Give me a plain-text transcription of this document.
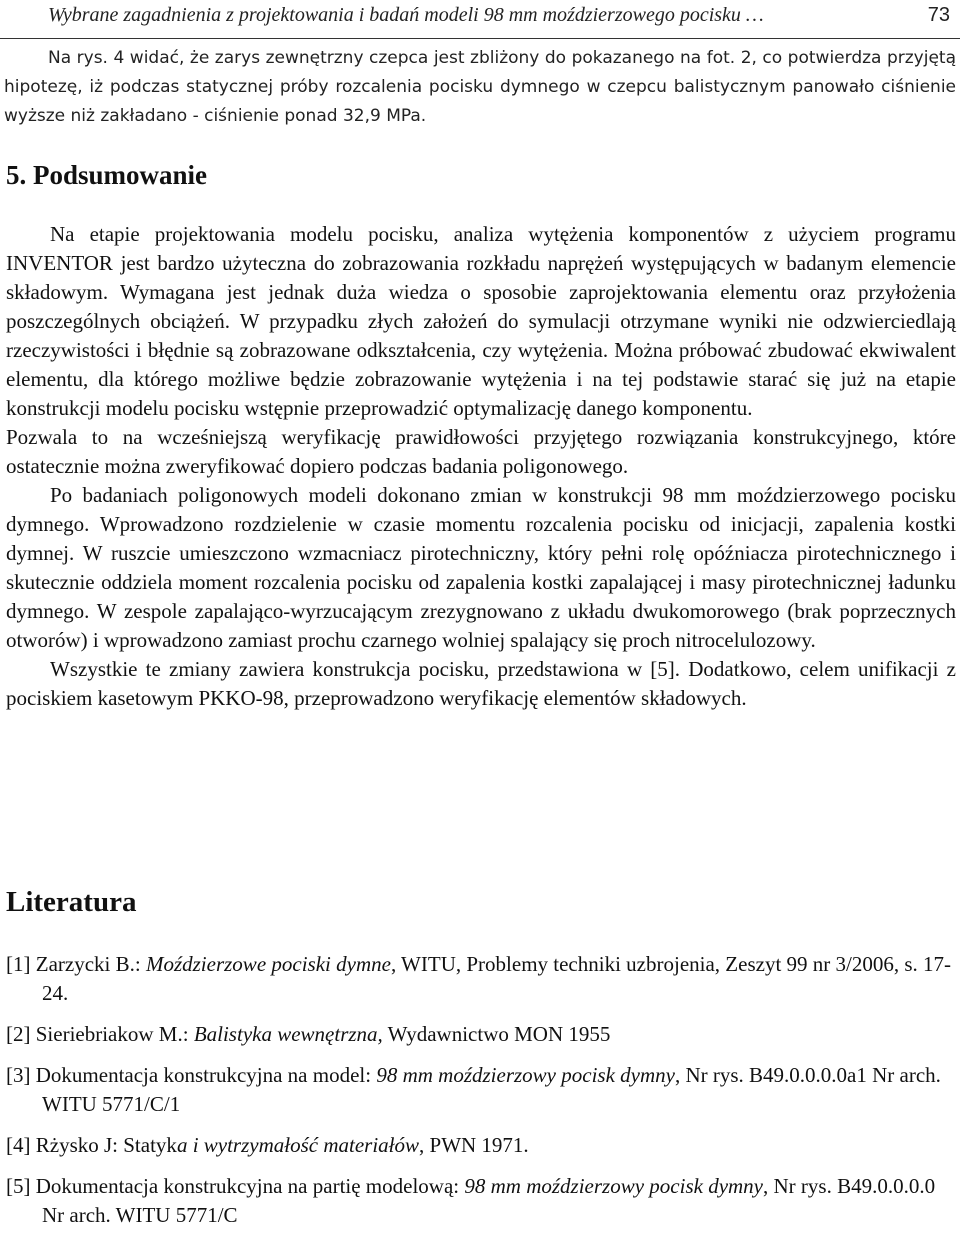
Wybrane zagadnienia z projektowania i badań modeli 98 mm moździerzowego pocisku …	73
Na rys. 4 widać, że zarys zewnętrzny czepca jest zbliżony do pokazanego na fot. 2, co potwierdza przyjętą hipotezę, iż podczas statycznej próby rozcalenia pocisku dymnego w czepcu balistycznym panowało ciśnienie wyższe niż zakładano - ciśnienie ponad 32,9 MPa.
5. Podsumowanie

Na etapie projektowania modelu pocisku, analiza wytężenia komponentów z użyciem programu INVENTOR jest bardzo użyteczna do zobrazowania rozkładu naprężeń występujących w badanym elemencie składowym. Wymagana jest jednak duża wiedza o sposobie zaprojektowania elementu oraz przyłożenia poszczególnych obciążeń. W przypadku złych założeń do symulacji otrzymane wyniki nie odzwierciedlają rzeczywistości i błędnie są zobrazowane odkształcenia, czy wytężenia. Można próbować zbudować ekwiwalent elementu, dla którego możliwe będzie zobrazowanie wytężenia i na tej podstawie starać się już na etapie konstrukcji modelu pocisku wstępnie przeprowadzić optymalizację danego komponentu.

Pozwala to na wcześniejszą weryfikację prawidłowości przyjętego rozwiązania konstrukcyjnego, które ostatecznie można zweryfikować dopiero podczas badania poligonowego.

Po badaniach poligonowych modeli dokonano zmian w konstrukcji 98 mm moździerzowego pocisku dymnego. Wprowadzono rozdzielenie w czasie momentu rozcalenia pocisku od inicjacji, zapalenia kostki dymnej. W ruszcie umieszczono wzmacniacz pirotechniczny, który pełni rolę opóźniacza pirotechnicznego i skutecznie oddziela moment rozcalenia pocisku od zapalenia kostki zapalającej i masy pirotechnicznej ładunku dymnego. W zespole zapalająco-wyrzucającym zrezygnowano z układu dwukomorowego (brak poprzecznych otworów) i wprowadzono zamiast prochu czarnego wolniej spalający się proch nitrocelulozowy.

Wszystkie te zmiany zawiera konstrukcja pocisku, przedstawiona w [5]. Dodatkowo, celem unifikacji z pociskiem kasetowym PKKO-98, przeprowadzono weryfikację elementów składowych.

Literatura

[1] Zarzycki B.: Moździerzowe pociski dymne, WITU, Problemy techniki uzbrojenia, Zeszyt 99 nr 3/2006, s. 17-24.

[2] Sieriebriakow M.: Balistyka wewnętrzna, Wydawnictwo MON 1955

[3] Dokumentacja konstrukcyjna na model: 98 mm moździerzowy pocisk dymny, Nr rys. B49.0.0.0.0a1 Nr arch. WITU 5771/C/1

[4] Rżysko J: Statyka i wytrzymałość materiałów, PWN 1971.

[5] Dokumentacja konstrukcyjna na partię modelową: 98 mm moździerzowy pocisk dymny, Nr rys. B49.0.0.0.0 Nr arch. WITU 5771/C
